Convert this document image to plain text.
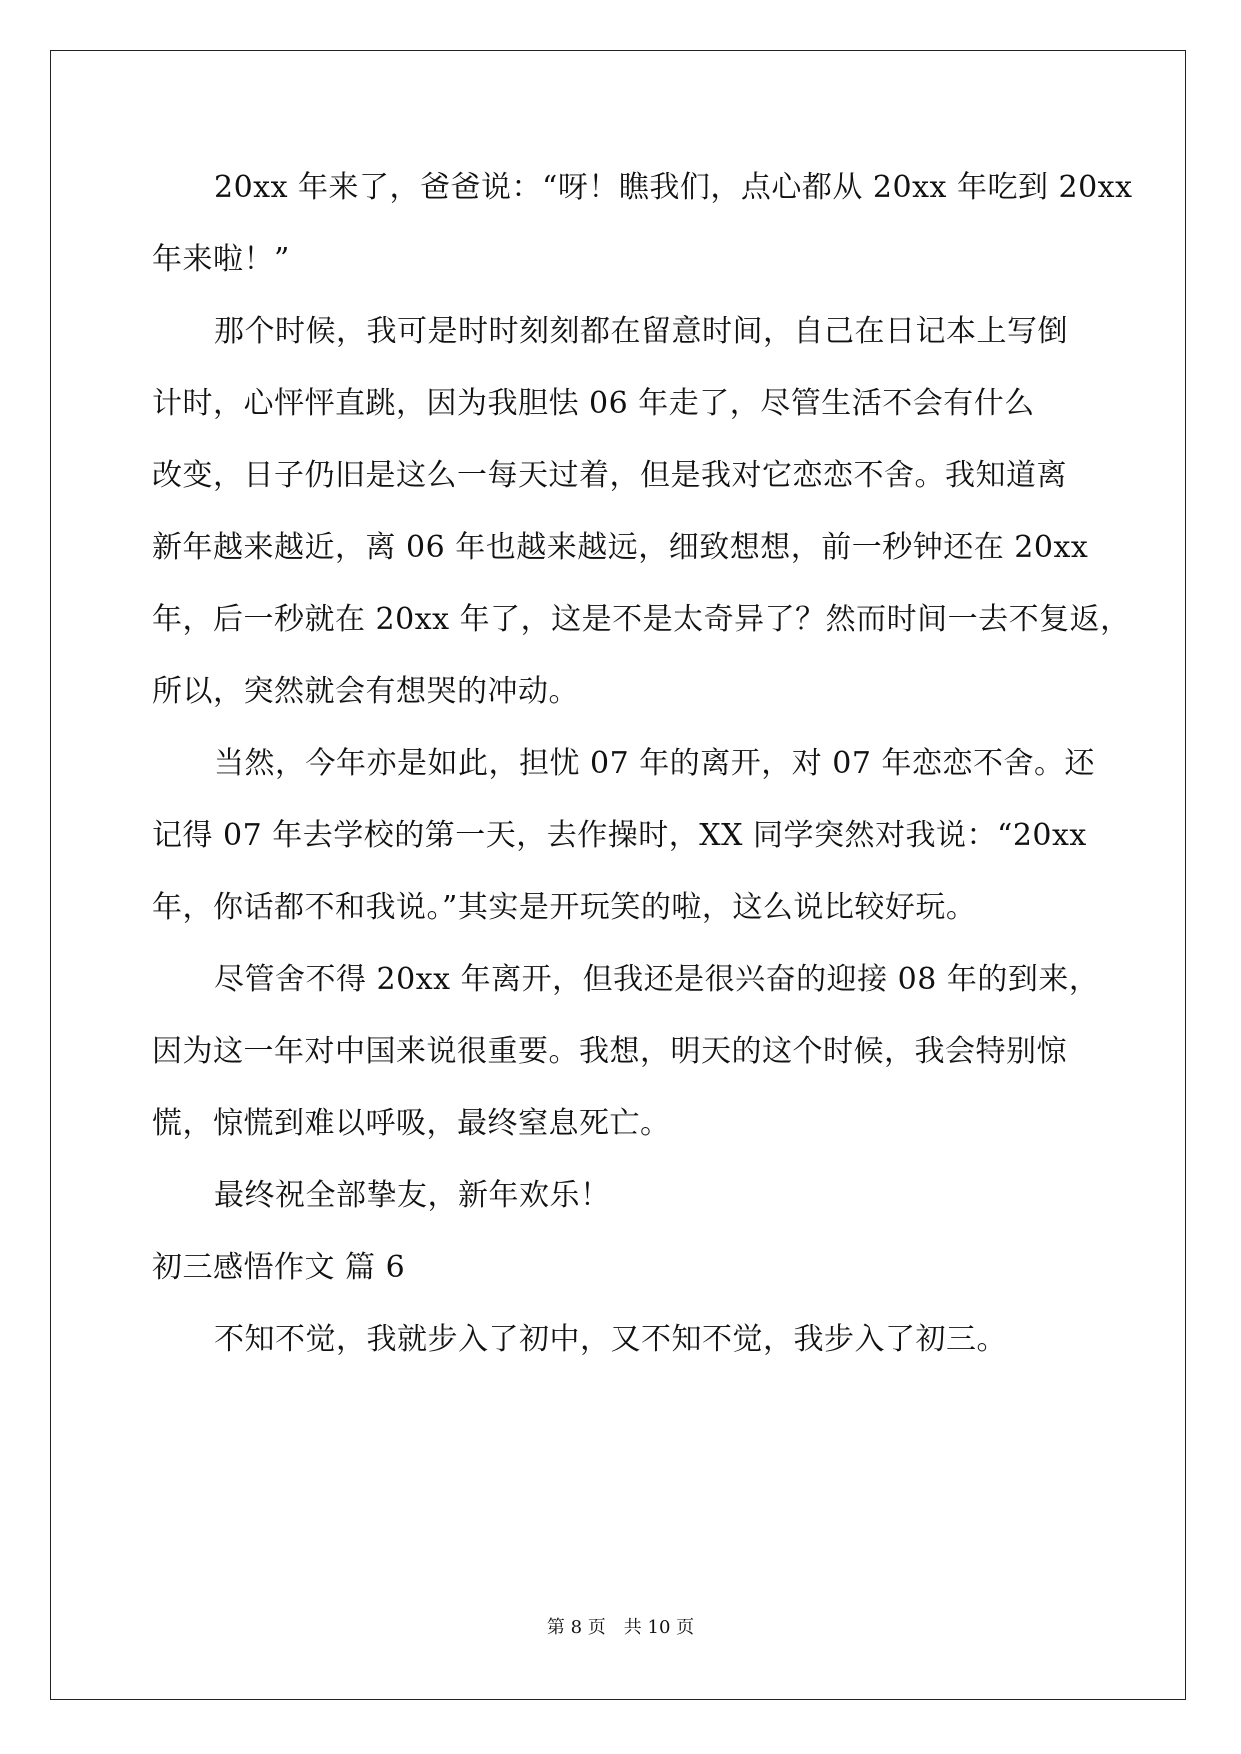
20xx 年来了，爸爸说：“呀！瞧我们，点心都从 20xx 年吃到 20xx
年来啦！”
那个时候，我可是时时刻刻都在留意时间，自己在日记本上写倒
计时，心怦怦直跳，因为我胆怯 06 年走了，尽管生活不会有什么
改变，日子仍旧是这么一每天过着，但是我对它恋恋不舍。我知道离
新年越来越近，离 06 年也越来越远，细致想想，前一秒钟还在 20xx
年，后一秒就在 20xx 年了，这是不是太奇异了？然而时间一去不复返，
所以，突然就会有想哭的冲动。
当然，今年亦是如此，担忧 07 年的离开，对 07 年恋恋不舍。还
记得 07 年去学校的第一天，去作操时，XX 同学突然对我说：“20xx
年，你话都不和我说。”其实是开玩笑的啦，这么说比较好玩。
尽管舍不得 20xx 年离开，但我还是很兴奋的迎接 08 年的到来，
因为这一年对中国来说很重要。我想，明天的这个时候，我会特别惊
慌，惊慌到难以呼吸，最终窒息死亡。
最终祝全部挚友，新年欢乐！
初三感悟作文 篇 6
不知不觉，我就步入了初中，又不知不觉，我步入了初三。
第 8 页 共 10 页
